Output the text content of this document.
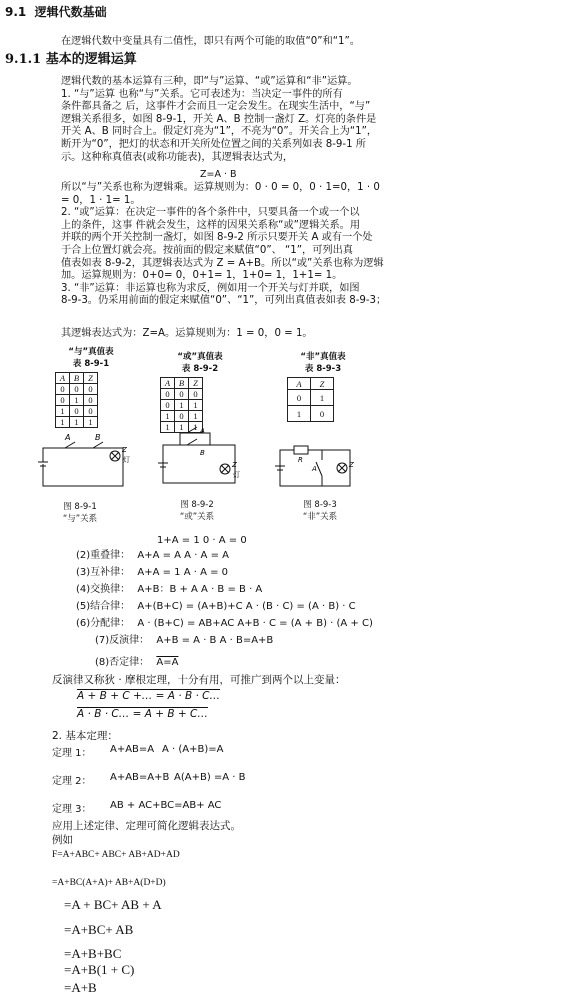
9.1 逻辑代数基础
在逻辑代数中变量具有二值性，即只有两个可能的取值“0”和“1”。
9.1.1 基本的逻辑运算

逻辑代数的基本运算有三种，即“与”运算、“或”运算和“非”运算。

1. “与”运算 也称“与”关系。它可表述为：当决定一事件的所有

条件都具备之 后，这事件才会而且一定会发生。在现实生活中，“与”

逻辑关系很多，如图 8-9-1，开关 A、B 控制一盏灯 Z。灯亮的条件是

开关 A、B 同时合上。假定灯亮为“1”，不亮为“0”。开关合上为“1”，

断开为“0”，把灯的状态和开关所处位置之间的关系列如表 8-9-1 所

示。这种称真值表(或称功能表)，其逻辑表达式为，

Z=A · B

所以“与”关系也称为逻辑乘。运算规则为：0 · 0 = 0，0 · 1=0，1 · 0

= 0，1 · 1= 1。

2. “或”运算：在决定一事件的各个条件中，只要具备一个或一个以

上的条件，这事 件就会发生，这样的因果关系称“或”逻辑关系。用

并联的两个开关控制一盏灯，如图 8-9-2 所示只要开关 A 或有一个处

于合上位置灯就会亮。按前面的假定来赋值“0”、 “1”，可列出真

值表如表 8-9-2，其逻辑表达式为 Z = A+B。所以“或”关系也称为逻辑

加。运算规则为：0+0= 0，0+1= 1，1+0= 1，1+1= 1。

3. “非”运算：非运算也称为求反，例如用一个开关与灯并联，如图

8-9-3。仍采用前面的假定来赋值“0”、“1”，可列出真值表如表 8-9-3；

其逻辑表达式为：Z=A。运算规则为：1 = 0，0 = 1。
“与”真值表
表 8-9-1
A	B	Z
0	0	0
0	1	0
1	0	0
1	1	1
“或”真值表
表 8-9-2
A	B	Z
0	0	0
0	1	1
1	0	1
1	1	1
“非”真值表
表 8-9-3
A	Z
0	1
1	0
A	B
Z
灯
A
B
Z
灯
R
A	Z
图 8-9-1
“与”关系
图 8-9-2
“或”关系
图 8-9-3
“非”关系
1+A = 1 0 · A = 0
(2)重叠律： A+A = A A · A = A
(3)互补律： A+A = 1 A · A = 0
(4)交换律： A+B：B + A A · B = B · A
(5)结合律： A+(B+C) = (A+B)+C A · (B · C) = (A · B) · C
(6)分配律： A · (B+C) = AB+AC A+B · C = (A + B) · (A + C)
(7)反演律： A+B = A · B A · B=A+B
(8)否定律： A=A
反演律又称狄 · 摩根定理，十分有用，可推广到两个以上变量：
A + B + C +… = A · B · C…
A · B · C… = A + B + C…
2. 基本定理：
定理 1： A+AB=A A · (A+B)=A
定理 2： A+AB=A+B A(A+B) =A · B
定理 3： AB + AC+BC=AB+ AC
应用上述定律、定理可简化逻辑表达式。
例如
F=A+ABC+ ABC+ AB+AD+AD
=A+BC(A+A)+ AB+A(D+D)
=A + BC+ AB + A
=A+BC+ AB
=A+B+BC
=A+B(1 + C)
=A+B
